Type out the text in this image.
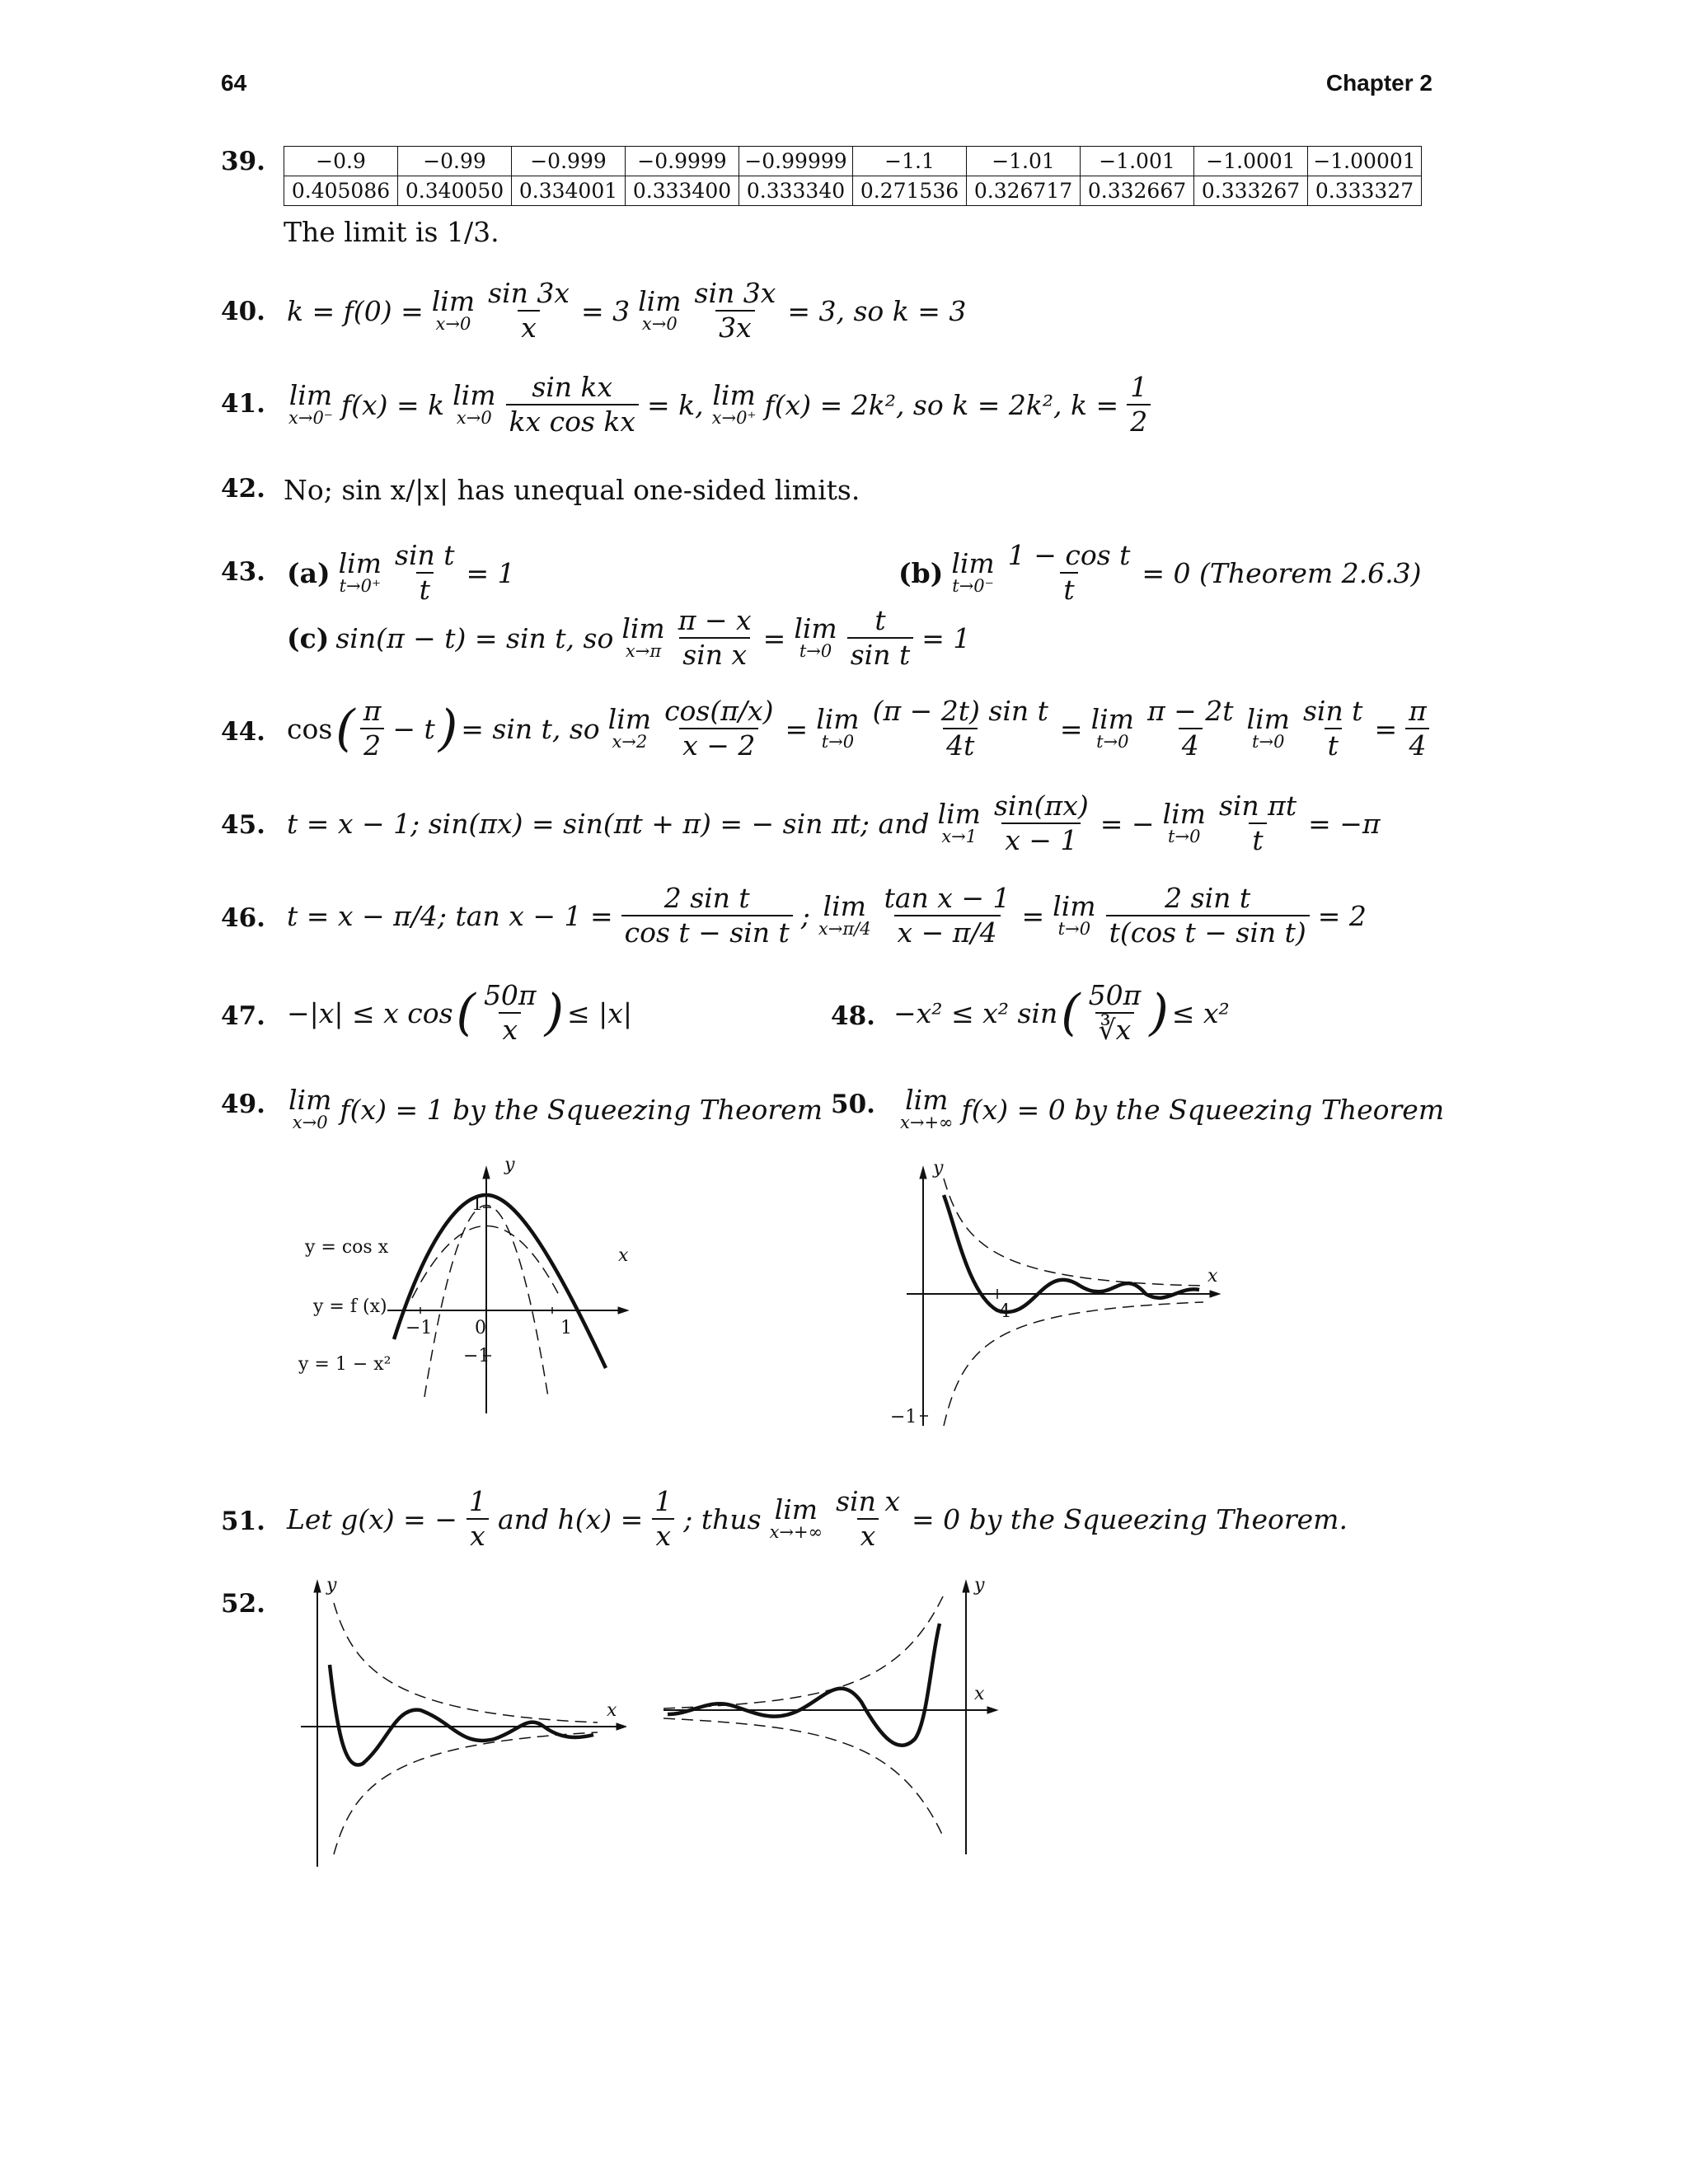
64	Chapter 2
39. −0.9	−0.99	−0.999	−0.9999	−0.99999	−1.1	−1.01	−1.001	−1.0001	−1.00001
0.405086	0.340050	0.334001	0.333400	0.333340	0.271536	0.326717	0.332667	0.333267	0.333327
The limit is 1/3.
40. k = f(0) = lim
$x\to 0 \frac{\sin 3x}{x} = 3$ lim
$x\to 0 \frac{\sin 3x}{3x} = 3$, so k = 3
41. lim
x→0⁻ f(x) = k lim
$x\to 0 \frac{\text{sin kx}}{\text{kx cos kx}} = k$, lim
x→0⁺ f(x) = 2k², so k = 2k², $k = \frac{1}{2}$
42. No; sin x/|x| has unequal one-sided limits.
43. (a) lim
$t\to 0^+ \frac{\text{sin t}}{t} = 1$	(b) lim
$t\to 0^- \frac{\text{1 − cos t}}{t} = 0$ (Theorem 2.6.3)
(c) sin(π − t) = sin t, so lim
$x\to\pi \frac{\pi - x}{\text{sin x}} = \lim$
$t\to 0 \frac{t}{\text{sin t}} = 1$
44. cos ( $\frac{\pi}{2} - t$ ) = sin t, so lim
$x\to 2 \frac{\cos(\pi/x)}{x - 2} = \lim$
$t\to 0 \frac{\text{(π − 2t) sin t}}{4t} = \lim$
$t\to 0 \frac{\pi - 2t}{4}$ lim
$t\to 0 \frac{\text{sin t}}{t} = \frac{\pi}{4}$
45. t = x − 1; sin(πx) = sin(πt + π) = − sin πt; and lim
$x\to 1 \frac{\sin(\pi x)}{x - 1}$ = − lim
$t\to 0 \frac{\text{sin πt}}{t} = -\pi$
46. t = x − π/4; $\tan x - 1 = \frac{\text{2 sin t}}{\text{cos t − sin t}}$ ; lim
$x\to\pi/4 \frac{\text{tan x − 1}}{x - \pi/4} = \lim$
$t\to 0 \frac{\text{2 sin t}}{\text{t(cos t − sin t)}} = 2$
47. −|x| ≤ x cos ( $\frac{50\pi}{x}$ ) ≤ |x|	48. −x² ≤ x² sin ( $\frac{50\pi}{∛x}$ ) ≤ x²
49. lim
x→0 f(x) = 1 by the Squeezing Theorem 50. lim
x→+∞ f(x) = 0 by the Squeezing Theorem
y
x
1
−1
0
−1	1
y = cos x
y = f (x)
y = 1 − x²
y
x
4
−1
51. Let g(x) = − $\frac{1}{x}$ and $h(x) = \frac{1}{x}$ ; thus lim
$x\to+\infty \frac{\text{sin x}}{x} = 0$ by the Squeezing Theorem.
52.
y
x
y
x
